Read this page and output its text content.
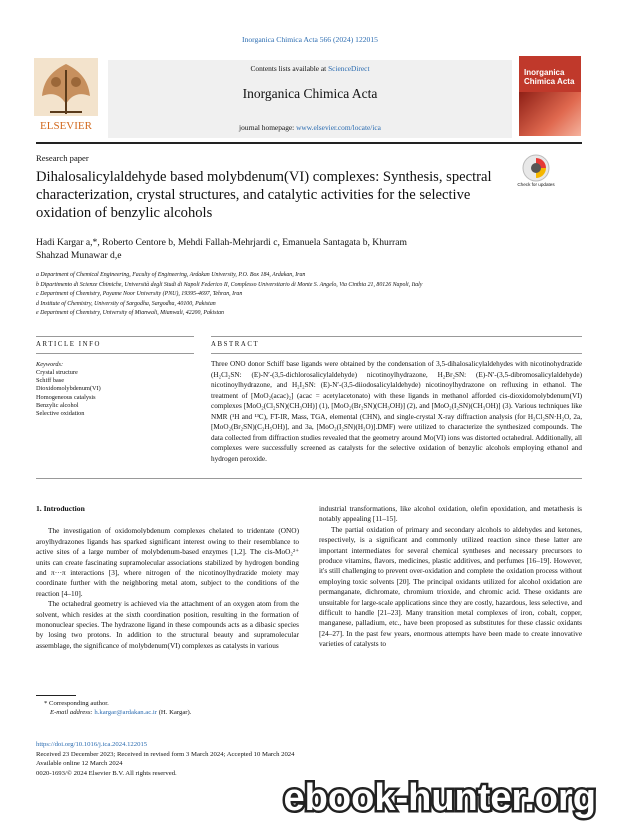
Inorganica Chimica Acta 566 (2024) 122015
ELSEVIER
Contents lists available at ScienceDirect
Inorganica Chimica Acta
journal homepage: www.elsevier.com/locate/ica
Inorganica
Chimica Acta
Research paper
Dihalosalicylaldehyde based molybdenum(VI) complexes: Synthesis, spectral characterization, crystal structures, and catalytic activities for the selective oxidation of benzylic alcohols
Check for updates
Hadi Kargar a,*, Roberto Centore b, Mehdi Fallah-Mehrjardi c, Emanuela Santagata b, Khurram
Shahzad Munawar d,e
a Department of Chemical Engineering, Faculty of Engineering, Ardakan University, P.O. Box 184, Ardakan, Iran
b Dipartimento di Scienze Chimiche, Università degli Studi di Napoli Federico II, Complesso Universitario di Monte S. Angelo, Via Cinthia 21, 80126 Napoli, Italy
c Department of Chemistry, Payame Noor University (PNU), 19395-4697, Tehran, Iran
d Institute of Chemistry, University of Sargodha, Sargodha, 40100, Pakistan
e Department of Chemistry, University of Mianwali, Mianwali, 42200, Pakistan
ARTICLE INFO
Keywords:
Crystal structure
Schiff base
Dioxidomolybdenum(VI)
Homogeneous catalysis
Benzylic alcohol
Selective oxidation
ABSTRACT
Three ONO donor Schiff base ligands were obtained by the condensation of 3,5-dihalosalicylaldehydes with nicotinohydrazide (H₂Cl₂SN: (E)-N′-(3,5-dichlorosalicylaldehyde) nicotinoylhydrazone, H₂Br₂SN: (E)-N′-(3,5-dibromosalicylaldehyde) nicotinoylhydrazone, and H₂I₂SN: (E)-N′-(3,5-diiodosalicylaldehyde) nicotinoylhydrazone on refluxing in ethanol. The treatment of [MoO₂(acac)₂] (acac = acetylacetonato) with these ligands in methanol afforded cis-dioxidomolybdenum(VI) complexes [MoO₂(Cl₂SN)(CH₃OH)] (1), [MoO₂(Br₂SN)(CH₃OH)] (2), and [MoO₂(I₂SN)(CH₃OH)] (3). Various techniques like NMR (¹H and ¹³C), FT-IR, Mass, TGA, elemental (CHN), and single-crystal X-ray diffraction analysis (for H₂Cl₂SN·H₂O, 2a, [MoO₂(Br₂SN)(C₂H₅OH)], and 3a, [MoO₂(I₂SN)(H₂O)].DMF) were utilized to characterize the synthesized compounds. The data collected from diffraction studies revealed that the geometry around Mo(VI) ions was distorted octahedral. Additionally, all complexes were successfully screened as catalysts for the selective oxidation of benzylic alcohols employing ethanol and hydrogen peroxide.
1. Introduction

The investigation of oxidomolybdenum complexes chelated to tridentate (ONO) aroylhydrazones ligands has sparked significant interest owing to their resemblance to active sites of a large number of molybdenum-based enzymes [1,2]. The cis-MoO₂²⁺ units can create fascinating supramolecular associations stabilized by hydrogen bonding and π···π interactions [3], where nitrogen of the nicotinoylhydrazide moiety may coordinate further with the neighboring metal atom, subject to the conditions of the reaction [4–10].

The octahedral geometry is achieved via the attachment of an oxygen atom from the solvent, which resides at the sixth coordination position, resulting in the formation of mononuclear species. The hydrazone ligand in these compounds acts as a dibasic species by losing two protons. In addition to the structural beauty and supramolecular assemblage, the significance of molybdenum(VI) complexes as catalysts in various

industrial transformations, like alcohol oxidation, olefin epoxidation, and metathesis is notably appealing [11–15].

The partial oxidation of primary and secondary alcohols to aldehydes and ketones, respectively, is a significant and commonly utilized reaction since these latter are important intermediates for several chemical syntheses and necessary precursors to produce vitamins, flavors, medicines, plastic additives, and perfumes [16–19]. However, it's still challenging to prevent over-oxidation and complete the oxidation process without employing toxic solvents [20]. The principal oxidants utilized for alcohol oxidation are permanganate, dichromate, chromium trioxide, and chromic acid. These oxidants are unsuitable for large-scale applications since they are costly, hazardous, less selective, and difficult to handle [21–23]. Many transition metal complexes of iron, cobalt, copper, manganese, palladium, etc., have been proposed as substitutes for these classic oxidants [24–27]. In the past few years, enormous attempts have been made to create innovative varieties of catalysts to

* Corresponding author.
E-mail address: h.kargar@ardakan.ac.ir (H. Kargar).
https://doi.org/10.1016/j.ica.2024.122015
Received 23 December 2023; Received in revised form 3 March 2024; Accepted 10 March 2024
Available online 12 March 2024
0020-1693/© 2024 Elsevier B.V. All rights reserved.
ebook-hunter.org
